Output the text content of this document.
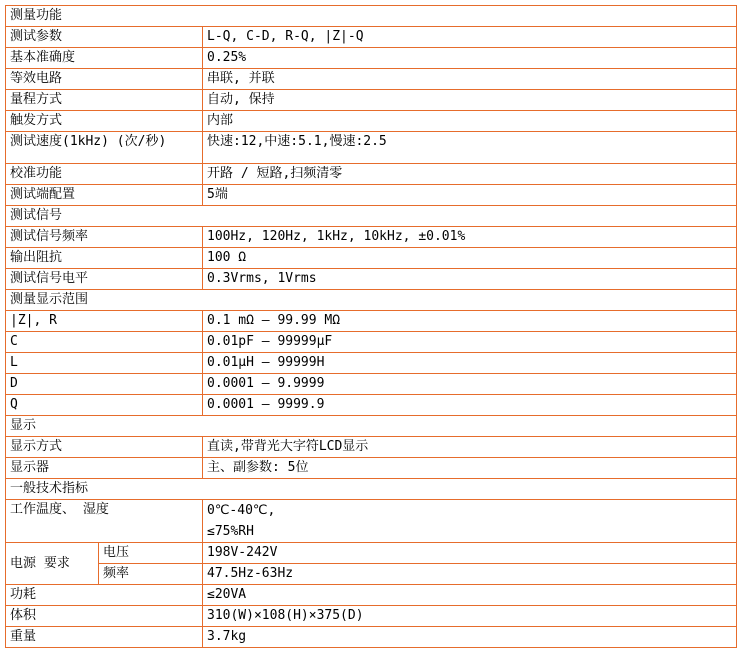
测量功能		
测试参数		L-Q, C-D, R-Q, |Z|-Q
基本准确度		0.25%
等效电路		串联, 并联
量程方式		自动, 保持
触发方式		内部
测试速度(1kHz) (次/秒)		快速:12,中速:5.1,慢速:2.5
校准功能		开路 / 短路,扫频清零
测试端配置		5端
测试信号		
测试信号频率		100Hz, 120Hz, 1kHz, 10kHz, ±0.01%
输出阻抗		100 Ω
测试信号电平		0.3Vrms, 1Vrms
测量显示范围		
|Z|, R		0.1 mΩ — 99.99 MΩ
C		0.01pF — 99999μF
L		0.01μH — 99999H
D		0.0001 — 9.9999
Q		0.0001 — 9999.9
显示		
显示方式		直读,带背光大字符LCD显示
显示器		主、副参数: 5位
一般技术指标		
工作温度、 湿度		0℃-40℃,
≤75%RH

电源 要求	电压	198V-242V
	频率	47.5Hz-63Hz
功耗		≤20VA
体积		310(W)×108(H)×375(D)
重量		3.7kg
